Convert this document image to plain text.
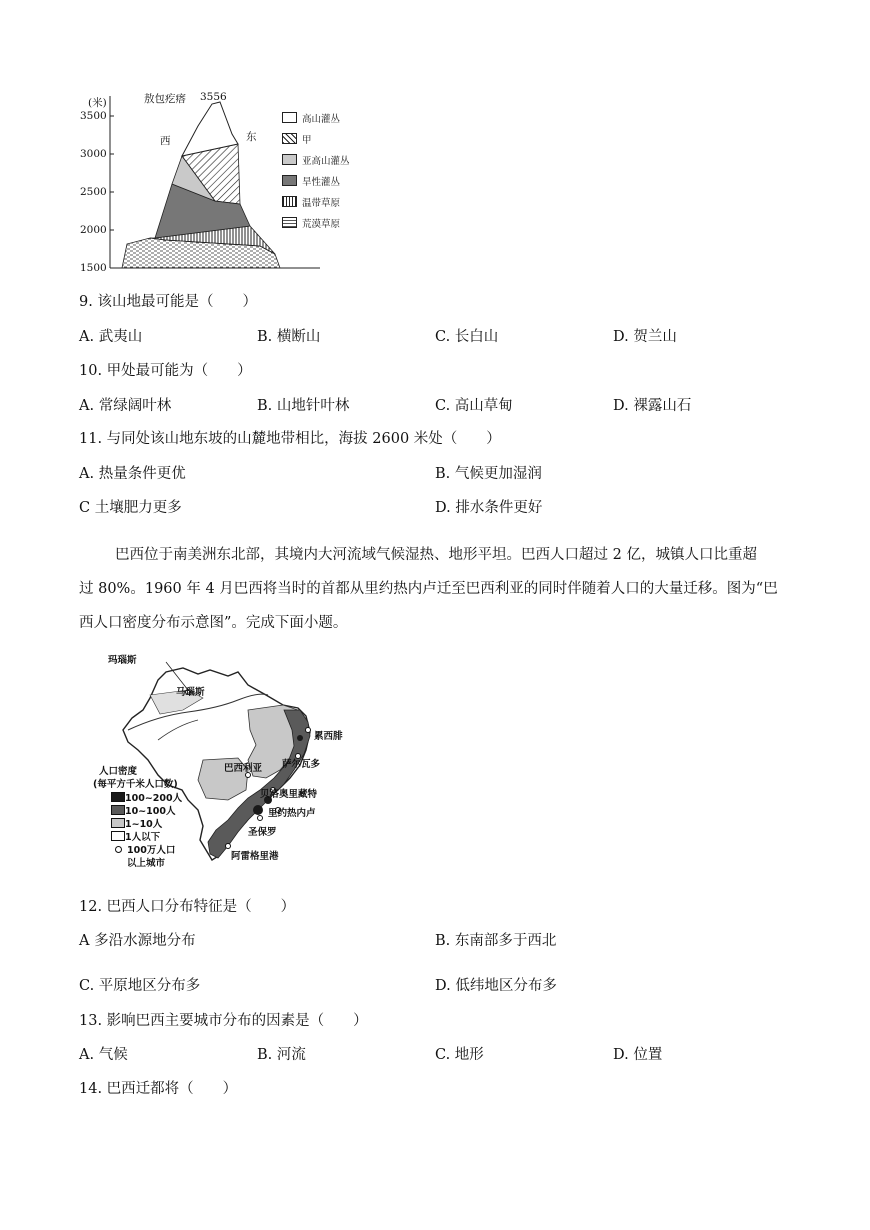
(米)
3500
3000
2500
2000
1500
敖包疙瘩 3556
西	东
高山灌丛
甲
亚高山灌丛
旱性灌丛
温带草原
荒漠草原
9. 该山地最可能是（　　）
A. 武夷山	B. 横断山	C. 长白山	D. 贺兰山
10. 甲处最可能为（　　）
A. 常绿阔叶林	B. 山地针叶林	C. 高山草甸	D. 裸露山石
11. 与同处该山地东坡的山麓地带相比，海拔 2600 米处（　　）
A. 热量条件更优	B. 气候更加湿润
C 土壤肥力更多	D. 排水条件更好
巴西位于南美洲东北部，其境内大河流域气候湿热、地形平坦。巴西人口超过 2 亿，城镇人口比重超
过 80%。1960 年 4 月巴西将当时的首都从里约热内卢迁至巴西利亚的同时伴随着人口的大量迁移。图为“巴
西人口密度分布示意图”。完成下面小题。
玛瑙斯
马瑙斯
累西腓
萨尔瓦多
巴西利亚
贝洛奥里藏特
里约热内卢
圣保罗
阿雷格里港
人口密度
(每平方千米人口数)
100~200人
10~100人
1~10人
1人以下
100万人口
以上城市
12. 巴西人口分布特征是（　　）
A 多沿水源地分布	B. 东南部多于西北
C. 平原地区分布多	D. 低纬地区分布多
13. 影响巴西主要城市分布的因素是（　　）
A. 气候	B. 河流	C. 地形	D. 位置
14. 巴西迁都将（　　）
